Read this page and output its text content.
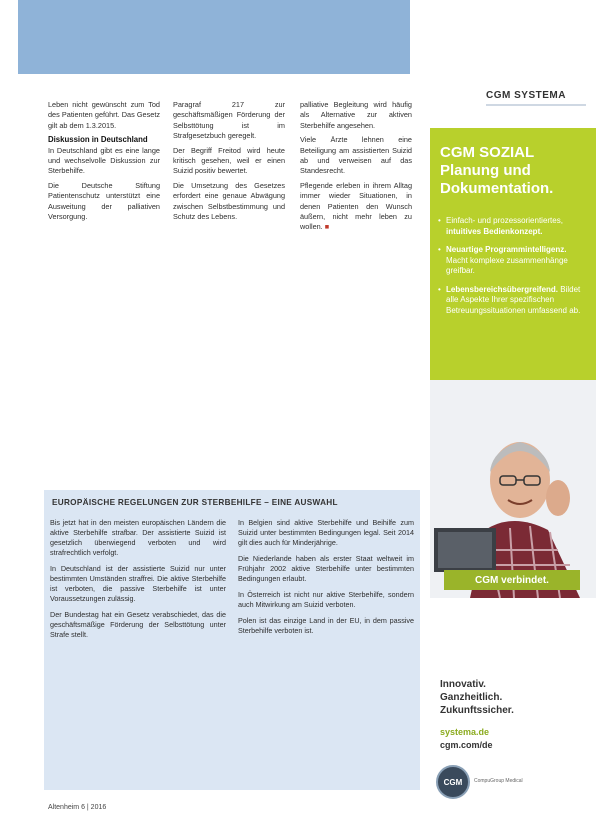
Leben nicht gewünscht zum Tod des Patienten geführt. Das Gesetz gilt ab dem 1.3.2015.

Diskussion in Deutschland

In Deutschland gibt es eine lange und wechselvolle Diskussion zur Sterbehilfe.

Die Deutsche Stiftung Patientenschutz unterstützt eine Ausweitung der palliativen Versorgung.

Paragraf 217 zur geschäftsmäßigen Förderung der Selbsttötung ist im Strafgesetzbuch geregelt.

Der Begriff Freitod wird heute kritisch gesehen, weil er einen Suizid positiv bewertet.

Die Umsetzung des Gesetzes erfordert eine genaue Abwägung zwischen Selbstbestimmung und Schutz des Lebens.

palliative Begleitung wird häufig als Alternative zur aktiven Sterbehilfe angesehen.

Viele Ärzte lehnen eine Beteiligung am assistierten Suizid ab und verweisen auf das Standesrecht.

Pflegende erleben in ihrem Alltag immer wieder Situationen, in denen Patienten den Wunsch äußern, nicht mehr leben zu wollen. ■

EUROPÄISCHE REGELUNGEN ZUR STERBEHILFE – EINE AUSWAHL

Bis jetzt hat in den meisten europäischen Ländern die aktive Sterbehilfe strafbar. Der assistierte Suizid ist gesetzlich überwiegend verboten und wird strafrechtlich verfolgt.

In Deutschland ist der assistierte Suizid nur unter bestimmten Umständen straffrei. Die aktive Sterbehilfe ist verboten, die passive Sterbehilfe ist unter Voraussetzungen zulässig.

Der Bundestag hat ein Gesetz verabschiedet, das die geschäftsmäßige Förderung der Selbsttötung unter Strafe stellt.

In Belgien sind aktive Sterbehilfe und Beihilfe zum Suizid unter bestimmten Bedingungen legal. Seit 2014 gilt dies auch für Minderjährige.

Die Niederlande haben als erster Staat weltweit im Frühjahr 2002 aktive Sterbehilfe unter bestimmten Bedingungen erlaubt.

In Österreich ist nicht nur aktive Sterbehilfe, sondern auch Mitwirkung am Suizid verboten.

Polen ist das einzige Land in der EU, in dem passive Sterbehilfe verboten ist.

Altenheim 6 | 2016
CGM SYSTEMA
CGM SOZIAL
Planung und
Dokumentation.
• Einfach- und prozessorientiertes, intuitives Bedienkonzept.
• Neuartige Programmintelligenz. Macht komplexe zusammenhänge greifbar.
• Lebensbereichsübergreifend. Bildet alle Aspekte Ihrer spezifischen Betreuungssituationen umfassend ab.
CGM verbindet.
Innovativ.
Ganzheitlich.
Zukunftssicher.
systema.de
cgm.com/de
CGM	CompuGroup Medical
